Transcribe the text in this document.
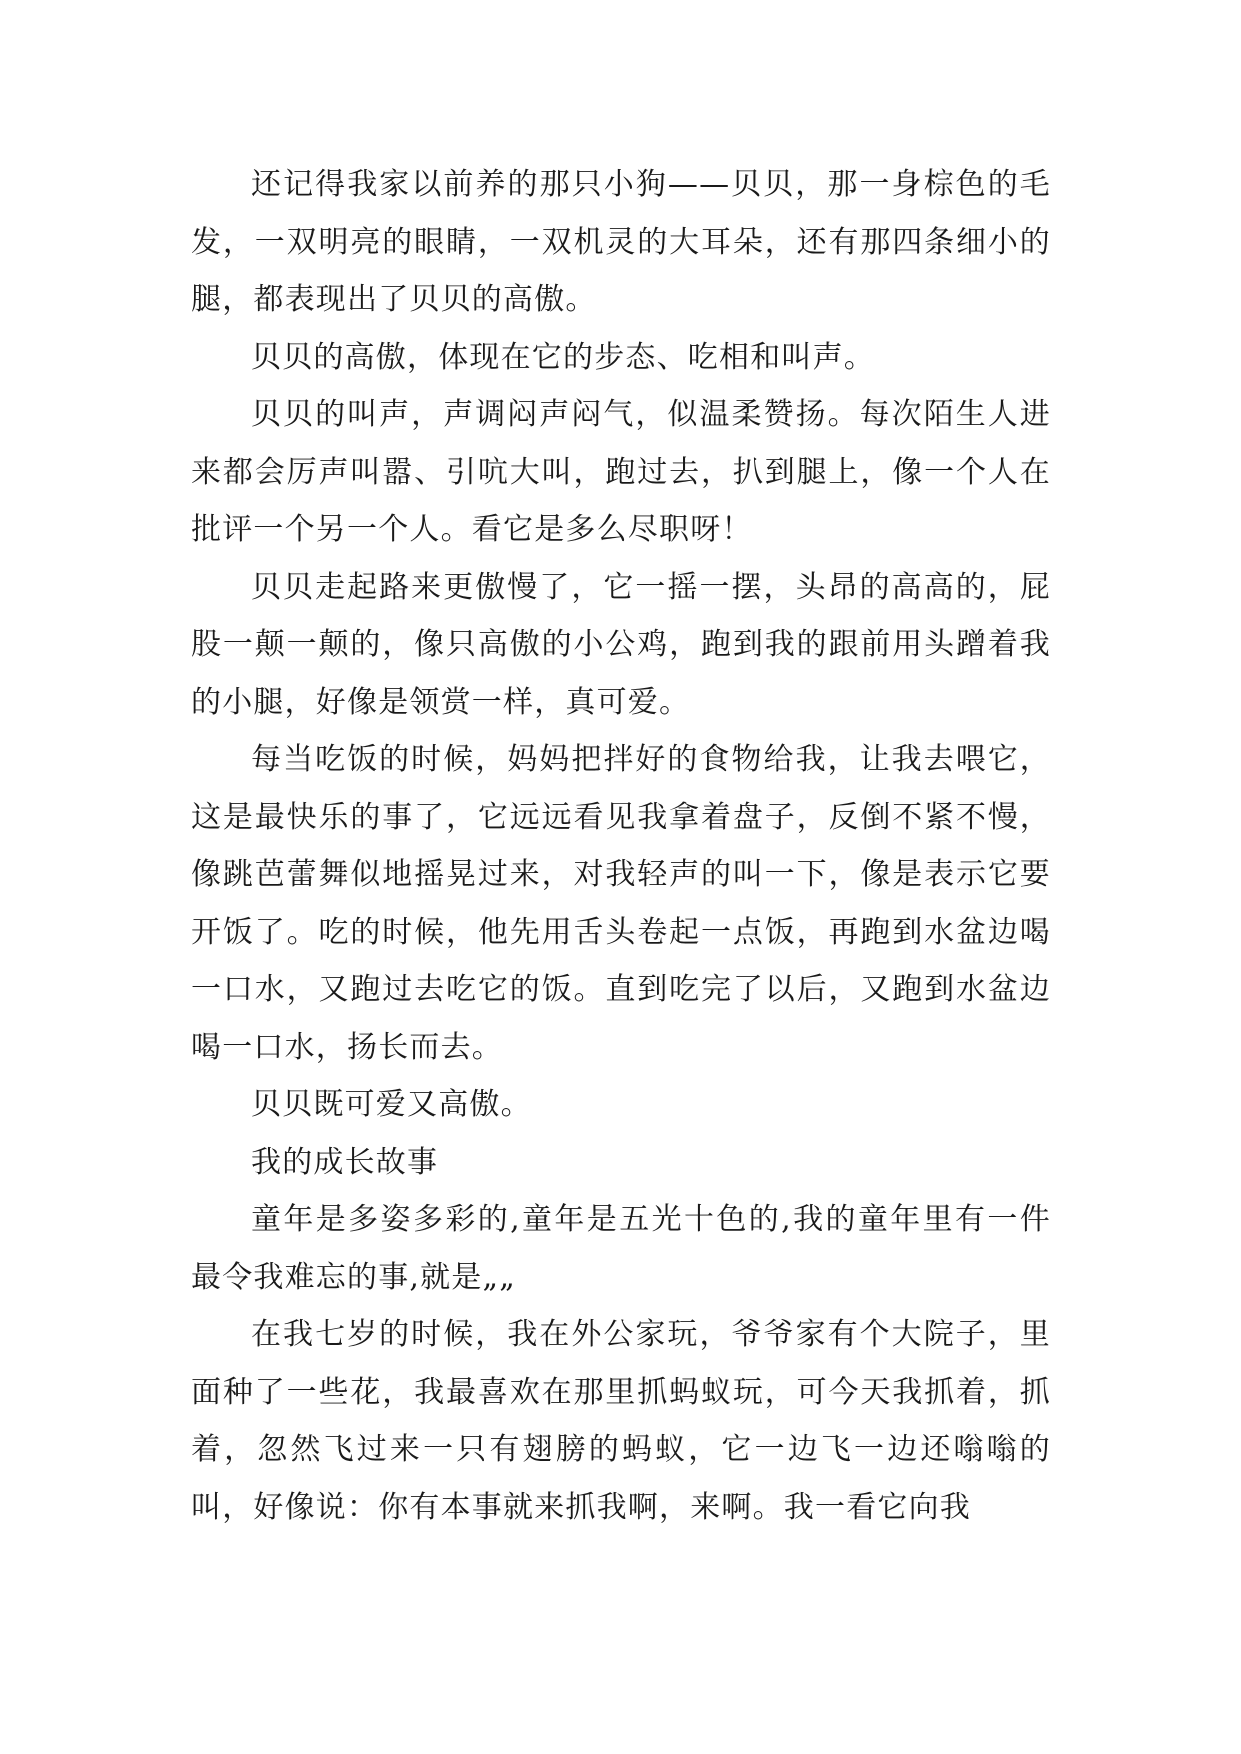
还记得我家以前养的那只小狗——贝贝，那一身棕色的毛发，一双明亮的眼睛，一双机灵的大耳朵，还有那四条细小的腿，都表现出了贝贝的高傲。

贝贝的高傲，体现在它的步态、吃相和叫声。

贝贝的叫声，声调闷声闷气，似温柔赞扬。每次陌生人进来都会厉声叫嚣、引吭大叫，跑过去，扒到腿上，像一个人在批评一个另一个人。看它是多么尽职呀！

贝贝走起路来更傲慢了，它一摇一摆，头昂的高高的，屁股一颠一颠的，像只高傲的小公鸡，跑到我的跟前用头蹭着我的小腿，好像是领赏一样，真可爱。

每当吃饭的时候，妈妈把拌好的食物给我，让我去喂它，这是最快乐的事了，它远远看见我拿着盘子，反倒不紧不慢，像跳芭蕾舞似地摇晃过来，对我轻声的叫一下，像是表示它要开饭了。吃的时候，他先用舌头卷起一点饭，再跑到水盆边喝一口水，又跑过去吃它的饭。直到吃完了以后，又跑到水盆边喝一口水，扬长而去。

贝贝既可爱又高傲。

我的成长故事

童年是多姿多彩的,童年是五光十色的,我的童年里有一件最令我难忘的事,就是„„

在我七岁的时候，我在外公家玩，爷爷家有个大院子，里面种了一些花，我最喜欢在那里抓蚂蚁玩，可今天我抓着，抓着，忽然飞过来一只有翅膀的蚂蚁，它一边飞一边还嗡嗡的叫，好像说：你有本事就来抓我啊，来啊。我一看它向我
